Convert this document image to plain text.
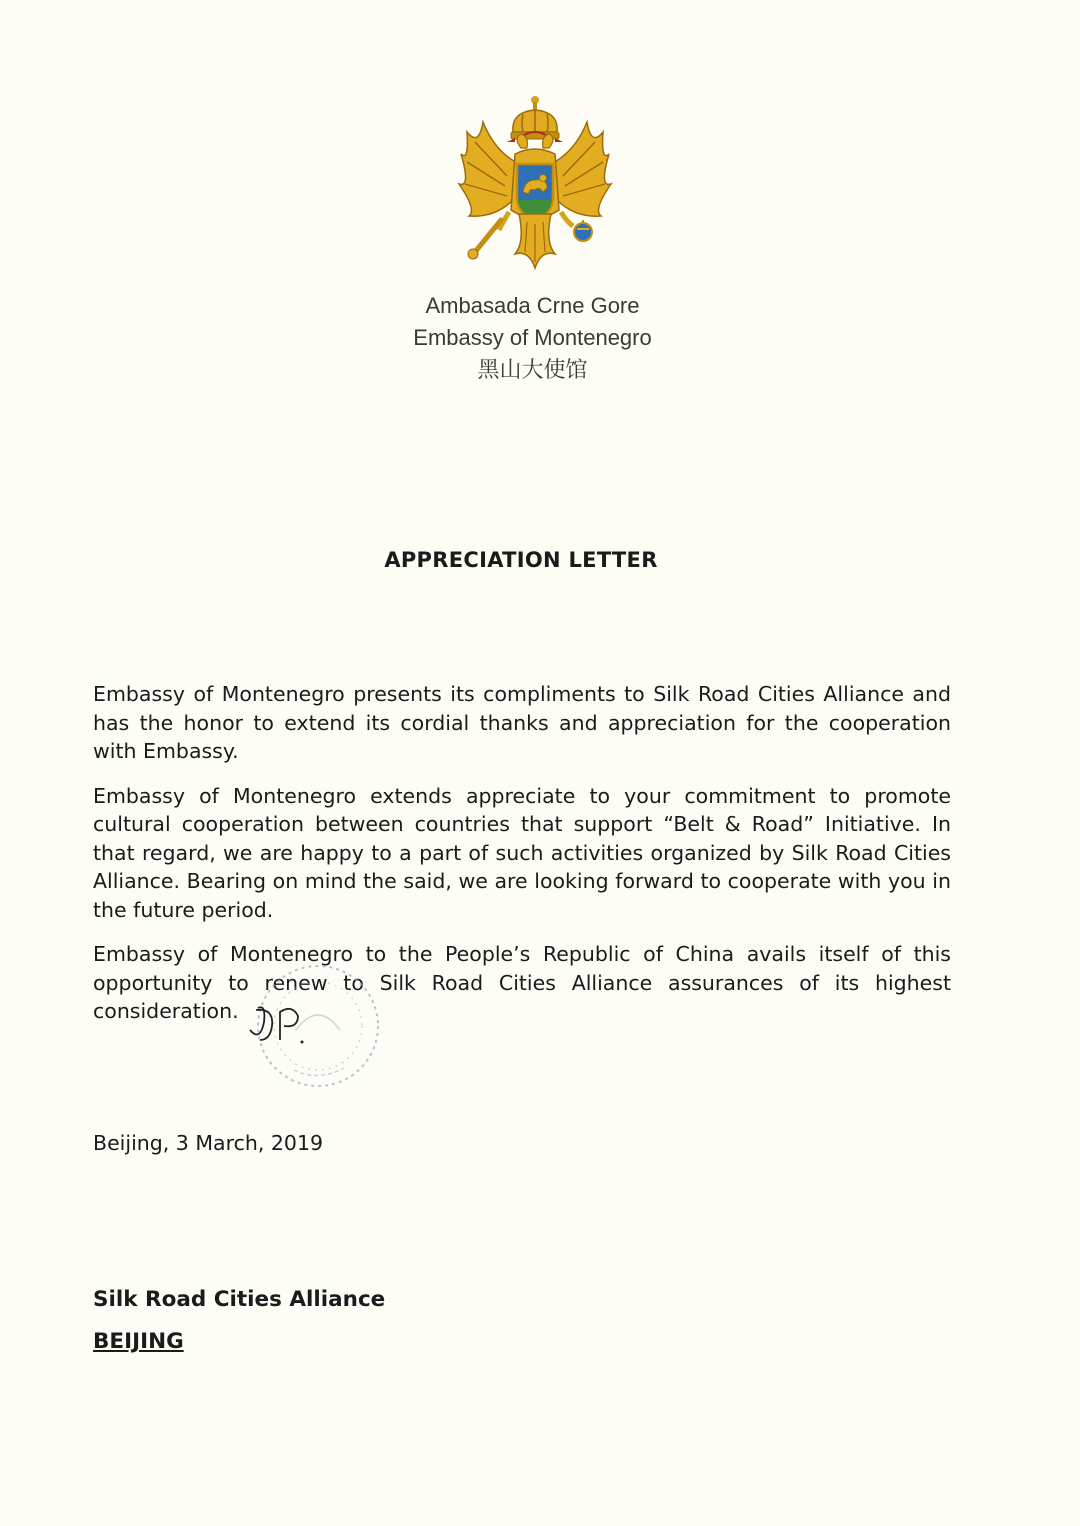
Ambasada Crne Gore
Embassy of Montenegro
黑山大使馆
APPRECIATION LETTER

Embassy of Montenegro presents its compliments to Silk Road Cities Alliance and has the honor to extend its cordial thanks and appreciation for the cooperation with Embassy.

Embassy of Montenegro extends appreciate to your commitment to promote cultural cooperation between countries that support “Belt & Road” Initiative. In that regard, we are happy to a part of such activities organized by Silk Road Cities Alliance. Bearing on mind the said, we are looking forward to cooperate with you in the future period.

Embassy of Montenegro to the People’s Republic of China avails itself of this opportunity to renew to Silk Road Cities Alliance assurances of its highest consideration.

Beijing, 3 March, 2019
Silk Road Cities Alliance
BEIJING
